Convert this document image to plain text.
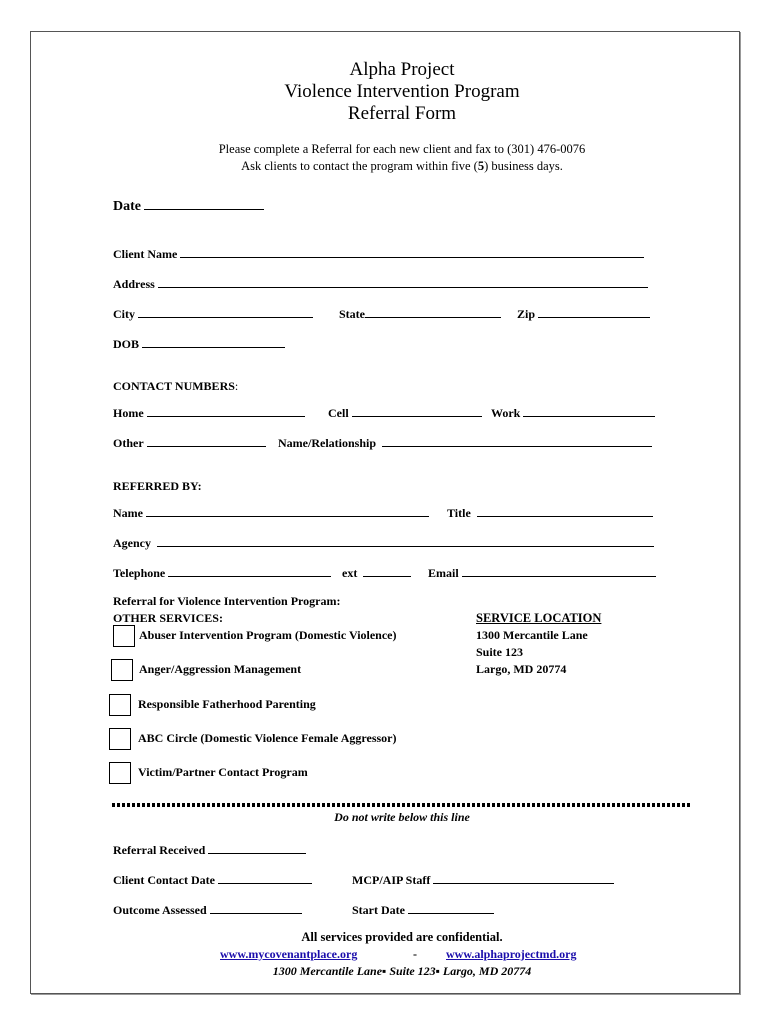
Alpha Project
Violence Intervention Program
Referral Form
Please complete a Referral for each new client and fax to (301) 476-0076
Ask clients to contact the program within five (5) business days.
Date
Client Name
Address
City	State	Zip
DOB
CONTACT NUMBERS:
Home	Cell	Work
Other	Name/Relationship
REFERRED BY:
Name	Title
Agency
Telephone	ext	Email
Referral for Violence Intervention Program:
OTHER SERVICES:
Abuser Intervention Program (Domestic Violence)
Anger/Aggression Management
Responsible Fatherhood Parenting
ABC Circle (Domestic Violence Female Aggressor)
Victim/Partner Contact Program
SERVICE LOCATION
1300 Mercantile Lane
Suite 123
Largo, MD 20774
Do not write below this line
Referral Received
Client Contact Date	MCP/AIP Staff
Outcome Assessed	Start Date
All services provided are confidential.
www.mycovenantplace.org	- www.alphaprojectmd.org
1300 Mercantile Lane▪ Suite 123▪ Largo, MD 20774
